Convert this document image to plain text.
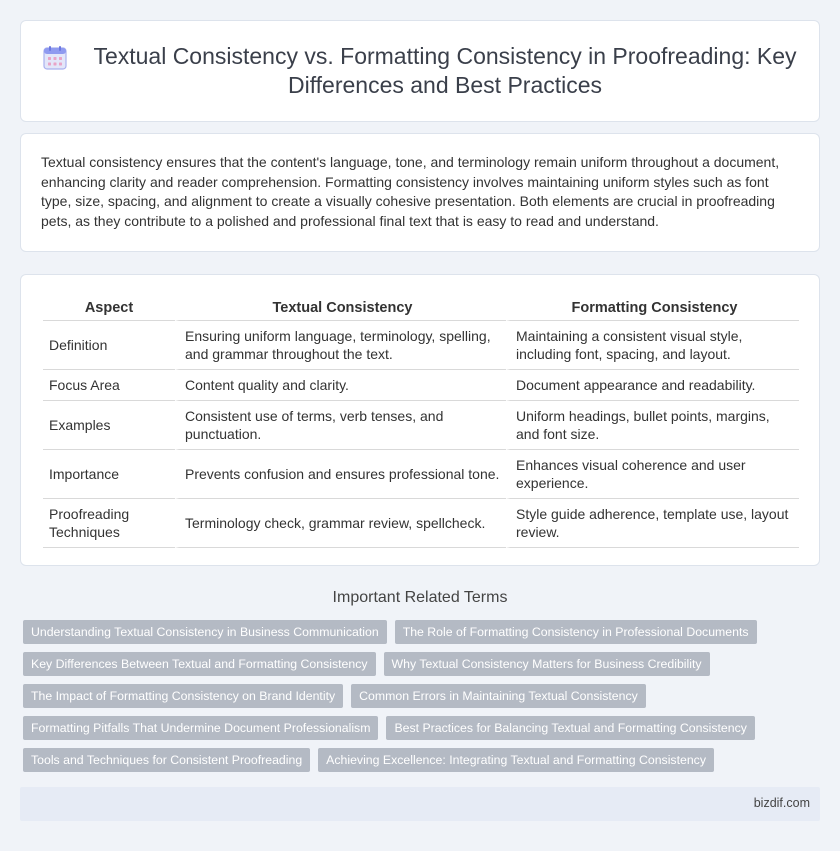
Textual Consistency vs. Formatting Consistency in Proofreading: Key Differences and Best Practices

Textual consistency ensures that the content's language, tone, and terminology remain uniform throughout a document, enhancing clarity and reader comprehension. Formatting consistency involves maintaining uniform styles such as font type, size, spacing, and alignment to create a visually cohesive presentation. Both elements are crucial in proofreading pets, as they contribute to a polished and professional final text that is easy to read and understand.

Aspect	Textual Consistency	Formatting Consistency
Definition	Ensuring uniform language, terminology, spelling, and grammar throughout the text.	Maintaining a consistent visual style, including font, spacing, and layout.
Focus Area	Content quality and clarity.	Document appearance and readability.
Examples	Consistent use of terms, verb tenses, and punctuation.	Uniform headings, bullet points, margins, and font size.
Importance	Prevents confusion and ensures professional tone.	Enhances visual coherence and user experience.
Proofreading Techniques	Terminology check, grammar review, spellcheck.	Style guide adherence, template use, layout review.
Important Related Terms
Understanding Textual Consistency in Business Communication	The Role of Formatting Consistency in Professional Documents
Key Differences Between Textual and Formatting Consistency	Why Textual Consistency Matters for Business Credibility
The Impact of Formatting Consistency on Brand Identity	Common Errors in Maintaining Textual Consistency
Formatting Pitfalls That Undermine Document Professionalism	Best Practices for Balancing Textual and Formatting Consistency
Tools and Techniques for Consistent Proofreading	Achieving Excellence: Integrating Textual and Formatting Consistency
bizdif.com
